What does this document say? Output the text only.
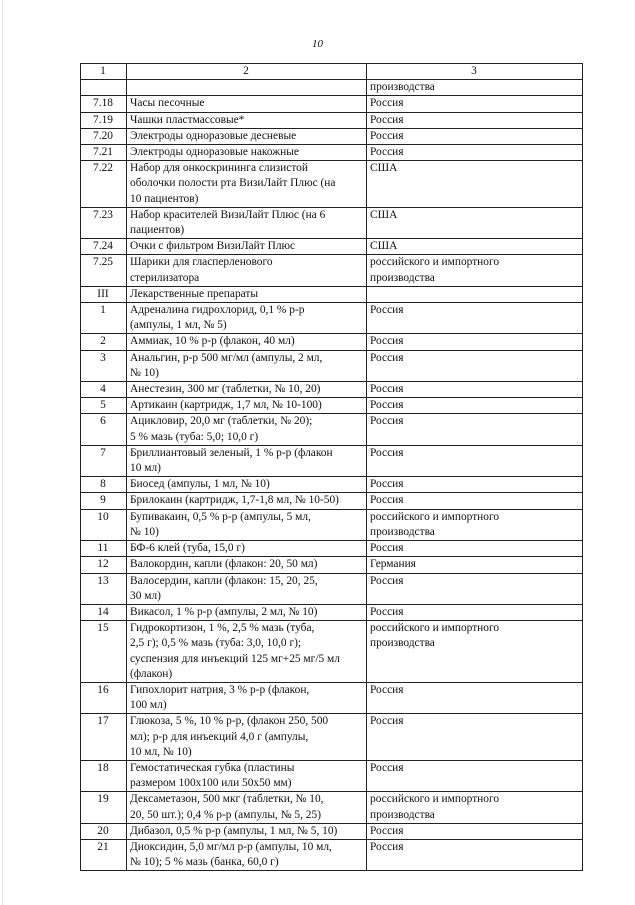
10
1	2	3

		производства

7.18	Часы песочные	Россия

7.19	Чашки пластмассовые*	Россия

7.20	Электроды одноразовые десневые	Россия

7.21	Электроды одноразовые накожные	Россия

7.22	Набор для онкоскрининга слизистой
оболочки полости рта ВизиЛайт Плюс (на
10 пациентов)	США

7.23	Набор красителей ВизиЛайт Плюс (на 6
пациентов)	США

7.24	Очки с фильтром ВизиЛайт Плюс	США

7.25	Шарики для гласперленового
стерилизатора	российского и импортного
производства

III	Лекарственные препараты	

1	Адреналина гидрохлорид, 0,1 % р-р
(ампулы, 1 мл, № 5)	Россия

2	Аммиак, 10 % р-р (флакон, 40 мл)	Россия

3	Анальгин, р-р 500 мг/мл (ампулы, 2 мл,
№ 10)	Россия

4	Анестезин, 300 мг (таблетки, № 10, 20)	Россия

5	Артикаин (картридж, 1,7 мл, № 10-100)	Россия

6	Ацикловир, 20,0 мг (таблетки, № 20);
5 % мазь (туба: 5,0; 10,0 г)	Россия

7	Бриллиантовый зеленый, 1 % р-р (флакон
10 мл)	Россия

8	Биосед (ампулы, 1 мл, № 10)	Россия

9	Брилокаин (картридж, 1,7-1,8 мл, № 10-50)	Россия

10	Бупивакаин, 0,5 % р-р (ампулы, 5 мл,
№ 10)	российского и импортного
производства

11	БФ-6 клей (туба, 15,0 г)	Россия

12	Валокордин, капли (флакон: 20, 50 мл)	Германия

13	Валосердин, капли (флакон: 15, 20, 25,
30 мл)	Россия

14	Викасол, 1 % р-р (ампулы, 2 мл, № 10)	Россия

15	Гидрокортизон, 1 %, 2,5 % мазь (туба,
2,5 г); 0,5 % мазь (туба: 3,0, 10,0 г);
суспензия для инъекций 125 мг+25 мг/5 мл
(флакон)	российского и импортного
производства

16	Гипохлорит натрия, 3 % р-р (флакон,
100 мл)	Россия

17	Глюкоза, 5 %, 10 % р-р, (флакон 250, 500
мл); р-р для инъекций 4,0 г (ампулы,
10 мл, № 10)	Россия

18	Гемостатическая губка (пластины
размером 100х100 или 50х50 мм)	Россия

19	Дексаметазон, 500 мкг (таблетки, № 10,
20, 50 шт.); 0,4 % р-р (ампулы, № 5, 25)	российского и импортного
производства

20	Дибазол, 0,5 % р-р (ампулы, 1 мл, № 5, 10)	Россия

21	Диоксидин, 5,0 мг/мл р-р (ампулы, 10 мл,
№ 10); 5 % мазь (банка, 60,0 г)	Россия
